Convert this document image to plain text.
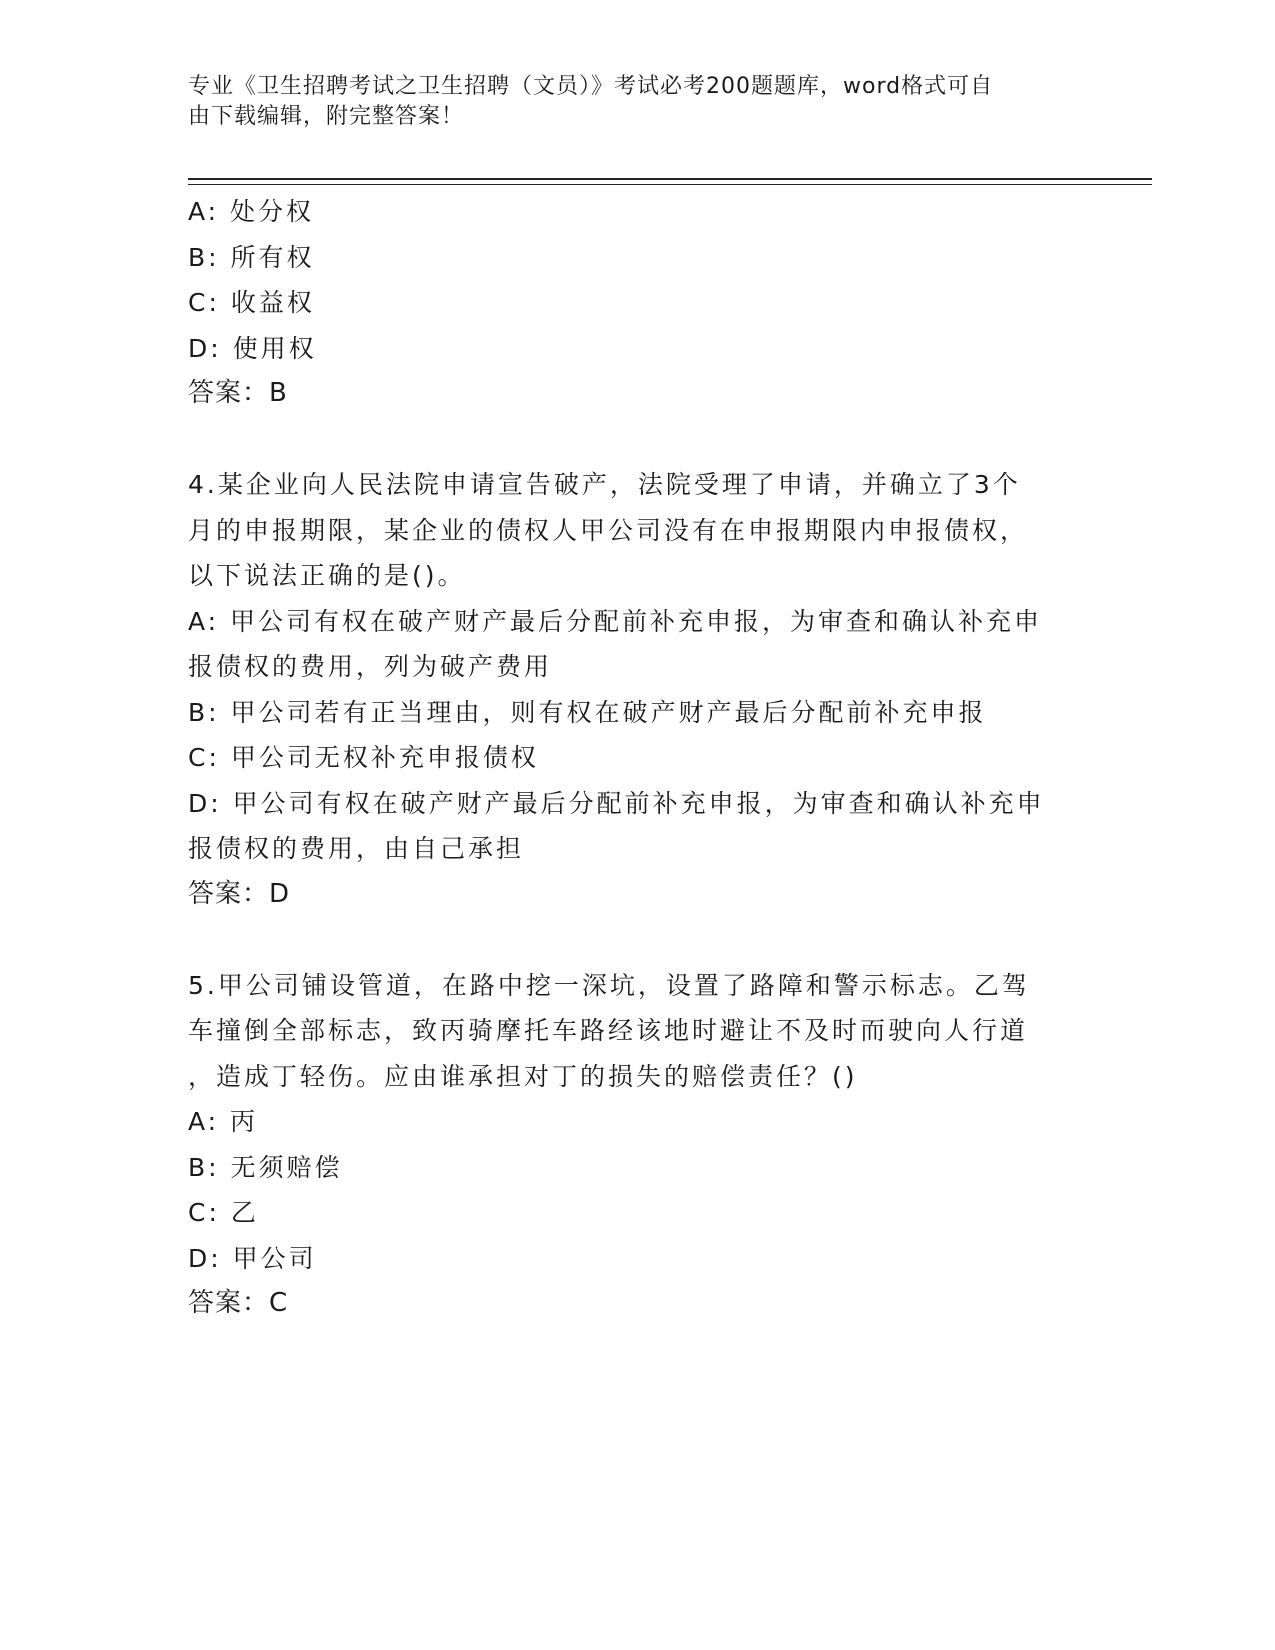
专业《卫生招聘考试之卫生招聘（文员）》考试必考200题题库，word格式可自
由下载编辑，附完整答案！
A: 处分权
B: 所有权
C: 收益权
D: 使用权
答案：B
4.某企业向人民法院申请宣告破产，法院受理了申请，并确立了3个
月的申报期限，某企业的债权人甲公司没有在申报期限内申报债权，
以下说法正确的是()。
A: 甲公司有权在破产财产最后分配前补充申报，为审查和确认补充申
报债权的费用，列为破产费用
B: 甲公司若有正当理由，则有权在破产财产最后分配前补充申报
C: 甲公司无权补充申报债权
D: 甲公司有权在破产财产最后分配前补充申报，为审查和确认补充申
报债权的费用，由自己承担
答案：D
5.甲公司铺设管道，在路中挖一深坑，设置了路障和警示标志。乙驾
车撞倒全部标志，致丙骑摩托车路经该地时避让不及时而驶向人行道
，造成丁轻伤。应由谁承担对丁的损失的赔偿责任？()
A: 丙
B: 无须赔偿
C: 乙
D: 甲公司
答案：C
